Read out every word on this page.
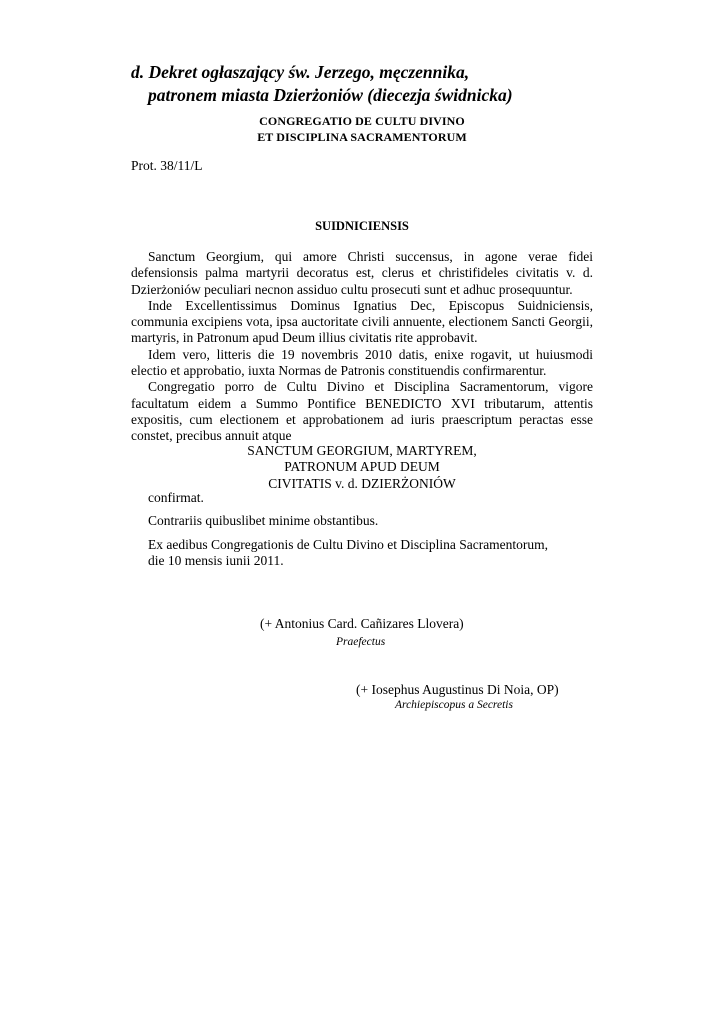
d. Dekret ogłaszający św. Jerzego, męczennika,
patronem miasta Dzierżoniów (diecezja świdnicka)
CONGREGATIO DE CULTU DIVINO
ET DISCIPLINA SACRAMENTORUM
Prot. 38/11/L
SUIDNICIENSIS

Sanctum Georgium, qui amore Christi succensus, in agone verae fidei defensionsis palma martyrii decoratus est, clerus et christifideles civitatis v. d. Dzierżoniów peculiari necnon assiduo cultu prosecuti sunt et adhuc prosequuntur.

Inde Excellentissimus Dominus Ignatius Dec, Episcopus Suidniciensis, communia excipiens vota, ipsa auctoritate civili annuente, electionem Sancti Georgii, martyris, in Patronum apud Deum illius civitatis rite approbavit.

Idem vero, litteris die 19 novembris 2010 datis, enixe rogavit, ut huiusmodi electio et approbatio, iuxta Normas de Patronis constituendis confirmarentur.

Congregatio porro de Cultu Divino et Disciplina Sacramentorum, vigore facultatum eidem a Summo Pontifice BENEDICTO XVI tributarum, attentis expositis, cum electionem et approbationem ad iuris praescriptum peractas esse constet, precibus annuit atque

SANCTUM GEORGIUM, MARTYREM,
PATRONUM APUD DEUM
CIVITATIS v. d. DZIERŻONIÓW
confirmat.
Contrariis quibuslibet minime obstantibus.
Ex aedibus Congregationis de Cultu Divino et Disciplina Sacramentorum,
die 10 mensis iunii 2011.
(+ Antonius Card. Cañizares Llovera)
Praefectus
(+ Iosephus Augustinus Di Noia, OP)
Archiepiscopus a Secretis
